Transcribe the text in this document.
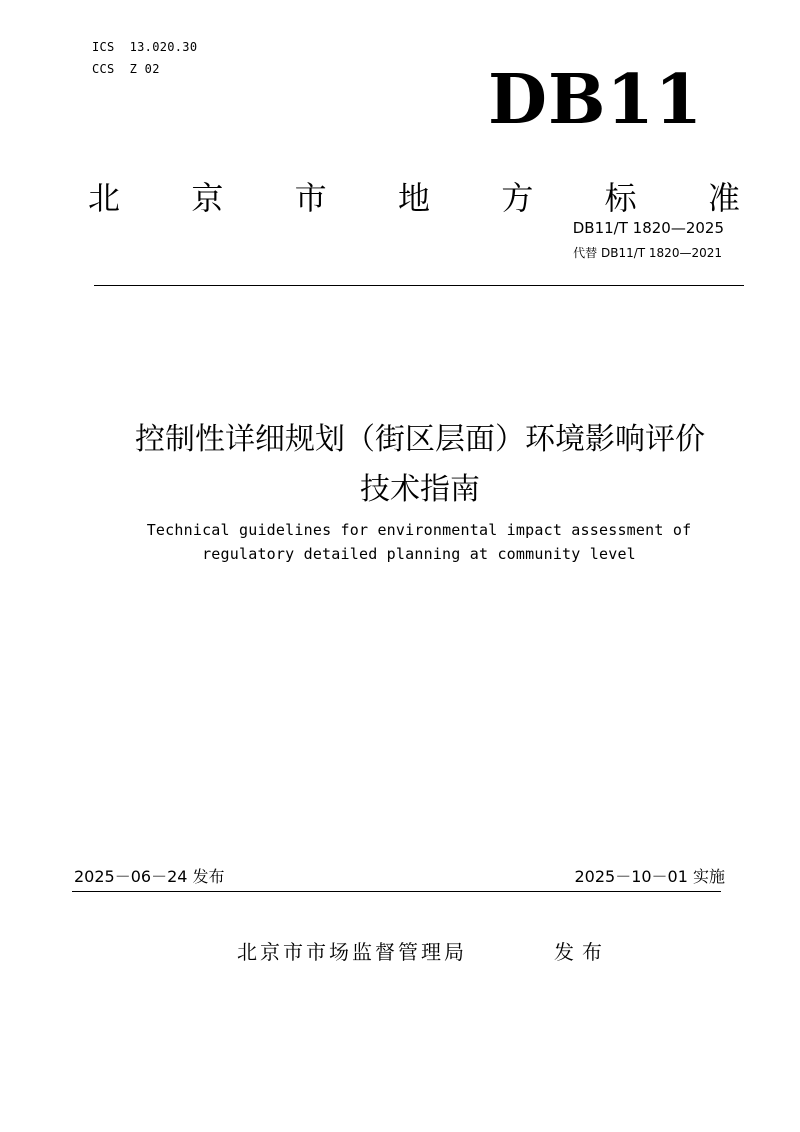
ICS  13.020.30
CCS  Z 02	DB11
北 京 市 地 方 标 准
DB11/T 1820—2025
代替 DB11/T 1820—2021
控制性详细规划（街区层面）环境影响评价
技术指南
Technical guidelines for environmental impact assessment of
regulatory detailed planning at community level
2025－06－24 发布	2025－10－01 实施
北京市市场监督管理局	发布
